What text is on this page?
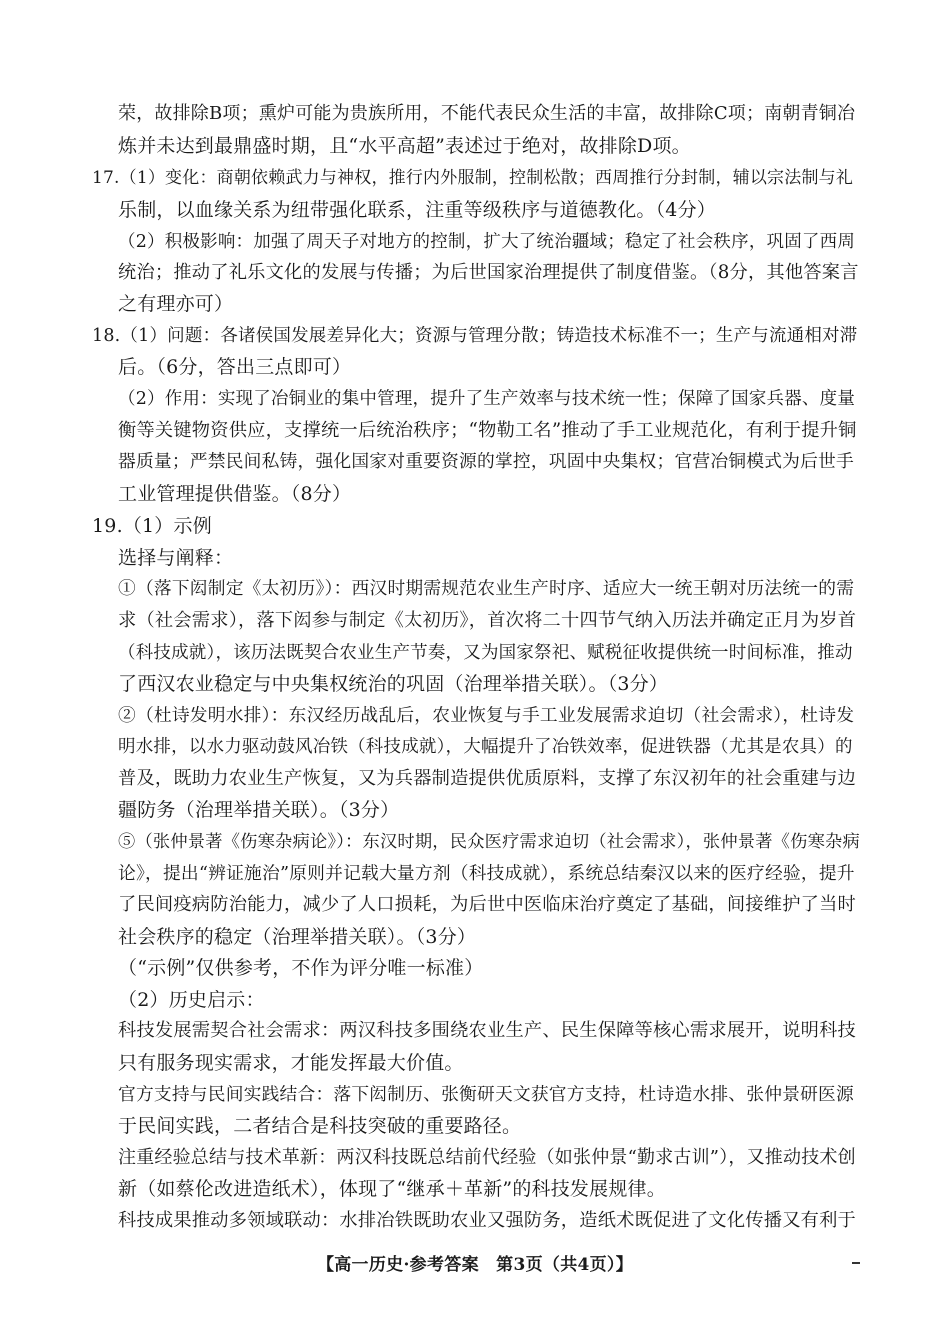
荣，故排除B项；熏炉可能为贵族所用，不能代表民众生活的丰富，故排除C项；南朝青铜冶
炼并未达到最鼎盛时期，且“水平高超”表述过于绝对，故排除D项。
17.（1）变化：商朝依赖武力与神权，推行内外服制，控制松散；西周推行分封制，辅以宗法制与礼
乐制，以血缘关系为纽带强化联系，注重等级秩序与道德教化。（4分）
（2）积极影响：加强了周天子对地方的控制，扩大了统治疆域；稳定了社会秩序，巩固了西周
统治；推动了礼乐文化的发展与传播；为后世国家治理提供了制度借鉴。（8分，其他答案言
之有理亦可）
18.（1）问题：各诸侯国发展差异化大；资源与管理分散；铸造技术标准不一；生产与流通相对滞
后。（6分，答出三点即可）
（2）作用：实现了冶铜业的集中管理，提升了生产效率与技术统一性；保障了国家兵器、度量
衡等关键物资供应，支撑统一后统治秩序；“物勒工名”推动了手工业规范化，有利于提升铜
器质量；严禁民间私铸，强化国家对重要资源的掌控，巩固中央集权；官营冶铜模式为后世手
工业管理提供借鉴。（8分）
19.（1）示例
选择与阐释：
①（落下闳制定《太初历》）：西汉时期需规范农业生产时序、适应大一统王朝对历法统一的需
求（社会需求），落下闳参与制定《太初历》，首次将二十四节气纳入历法并确定正月为岁首
（科技成就），该历法既契合农业生产节奏，又为国家祭祀、赋税征收提供统一时间标准，推动
了西汉农业稳定与中央集权统治的巩固（治理举措关联）。（3分）
②（杜诗发明水排）：东汉经历战乱后，农业恢复与手工业发展需求迫切（社会需求），杜诗发
明水排，以水力驱动鼓风冶铁（科技成就），大幅提升了冶铁效率，促进铁器（尤其是农具）的
普及，既助力农业生产恢复，又为兵器制造提供优质原料，支撑了东汉初年的社会重建与边
疆防务（治理举措关联）。（3分）
⑤（张仲景著《伤寒杂病论》）：东汉时期，民众医疗需求迫切（社会需求），张仲景著《伤寒杂病
论》，提出“辨证施治”原则并记载大量方剂（科技成就），系统总结秦汉以来的医疗经验，提升
了民间疫病防治能力，减少了人口损耗，为后世中医临床治疗奠定了基础，间接维护了当时
社会秩序的稳定（治理举措关联）。（3分）
（“示例”仅供参考，不作为评分唯一标准）
（2）历史启示：
科技发展需契合社会需求：两汉科技多围绕农业生产、民生保障等核心需求展开，说明科技
只有服务现实需求，才能发挥最大价值。
官方支持与民间实践结合：落下闳制历、张衡研天文获官方支持，杜诗造水排、张仲景研医源
于民间实践，二者结合是科技突破的重要路径。
注重经验总结与技术革新：两汉科技既总结前代经验（如张仲景“勤求古训”），又推动技术创
新（如蔡伦改进造纸术），体现了“继承＋革新”的科技发展规律。
科技成果推动多领域联动：水排冶铁既助农业又强防务，造纸术既促进了文化传播又有利于
【高一历史·参考答案　第3页（共4页）】
